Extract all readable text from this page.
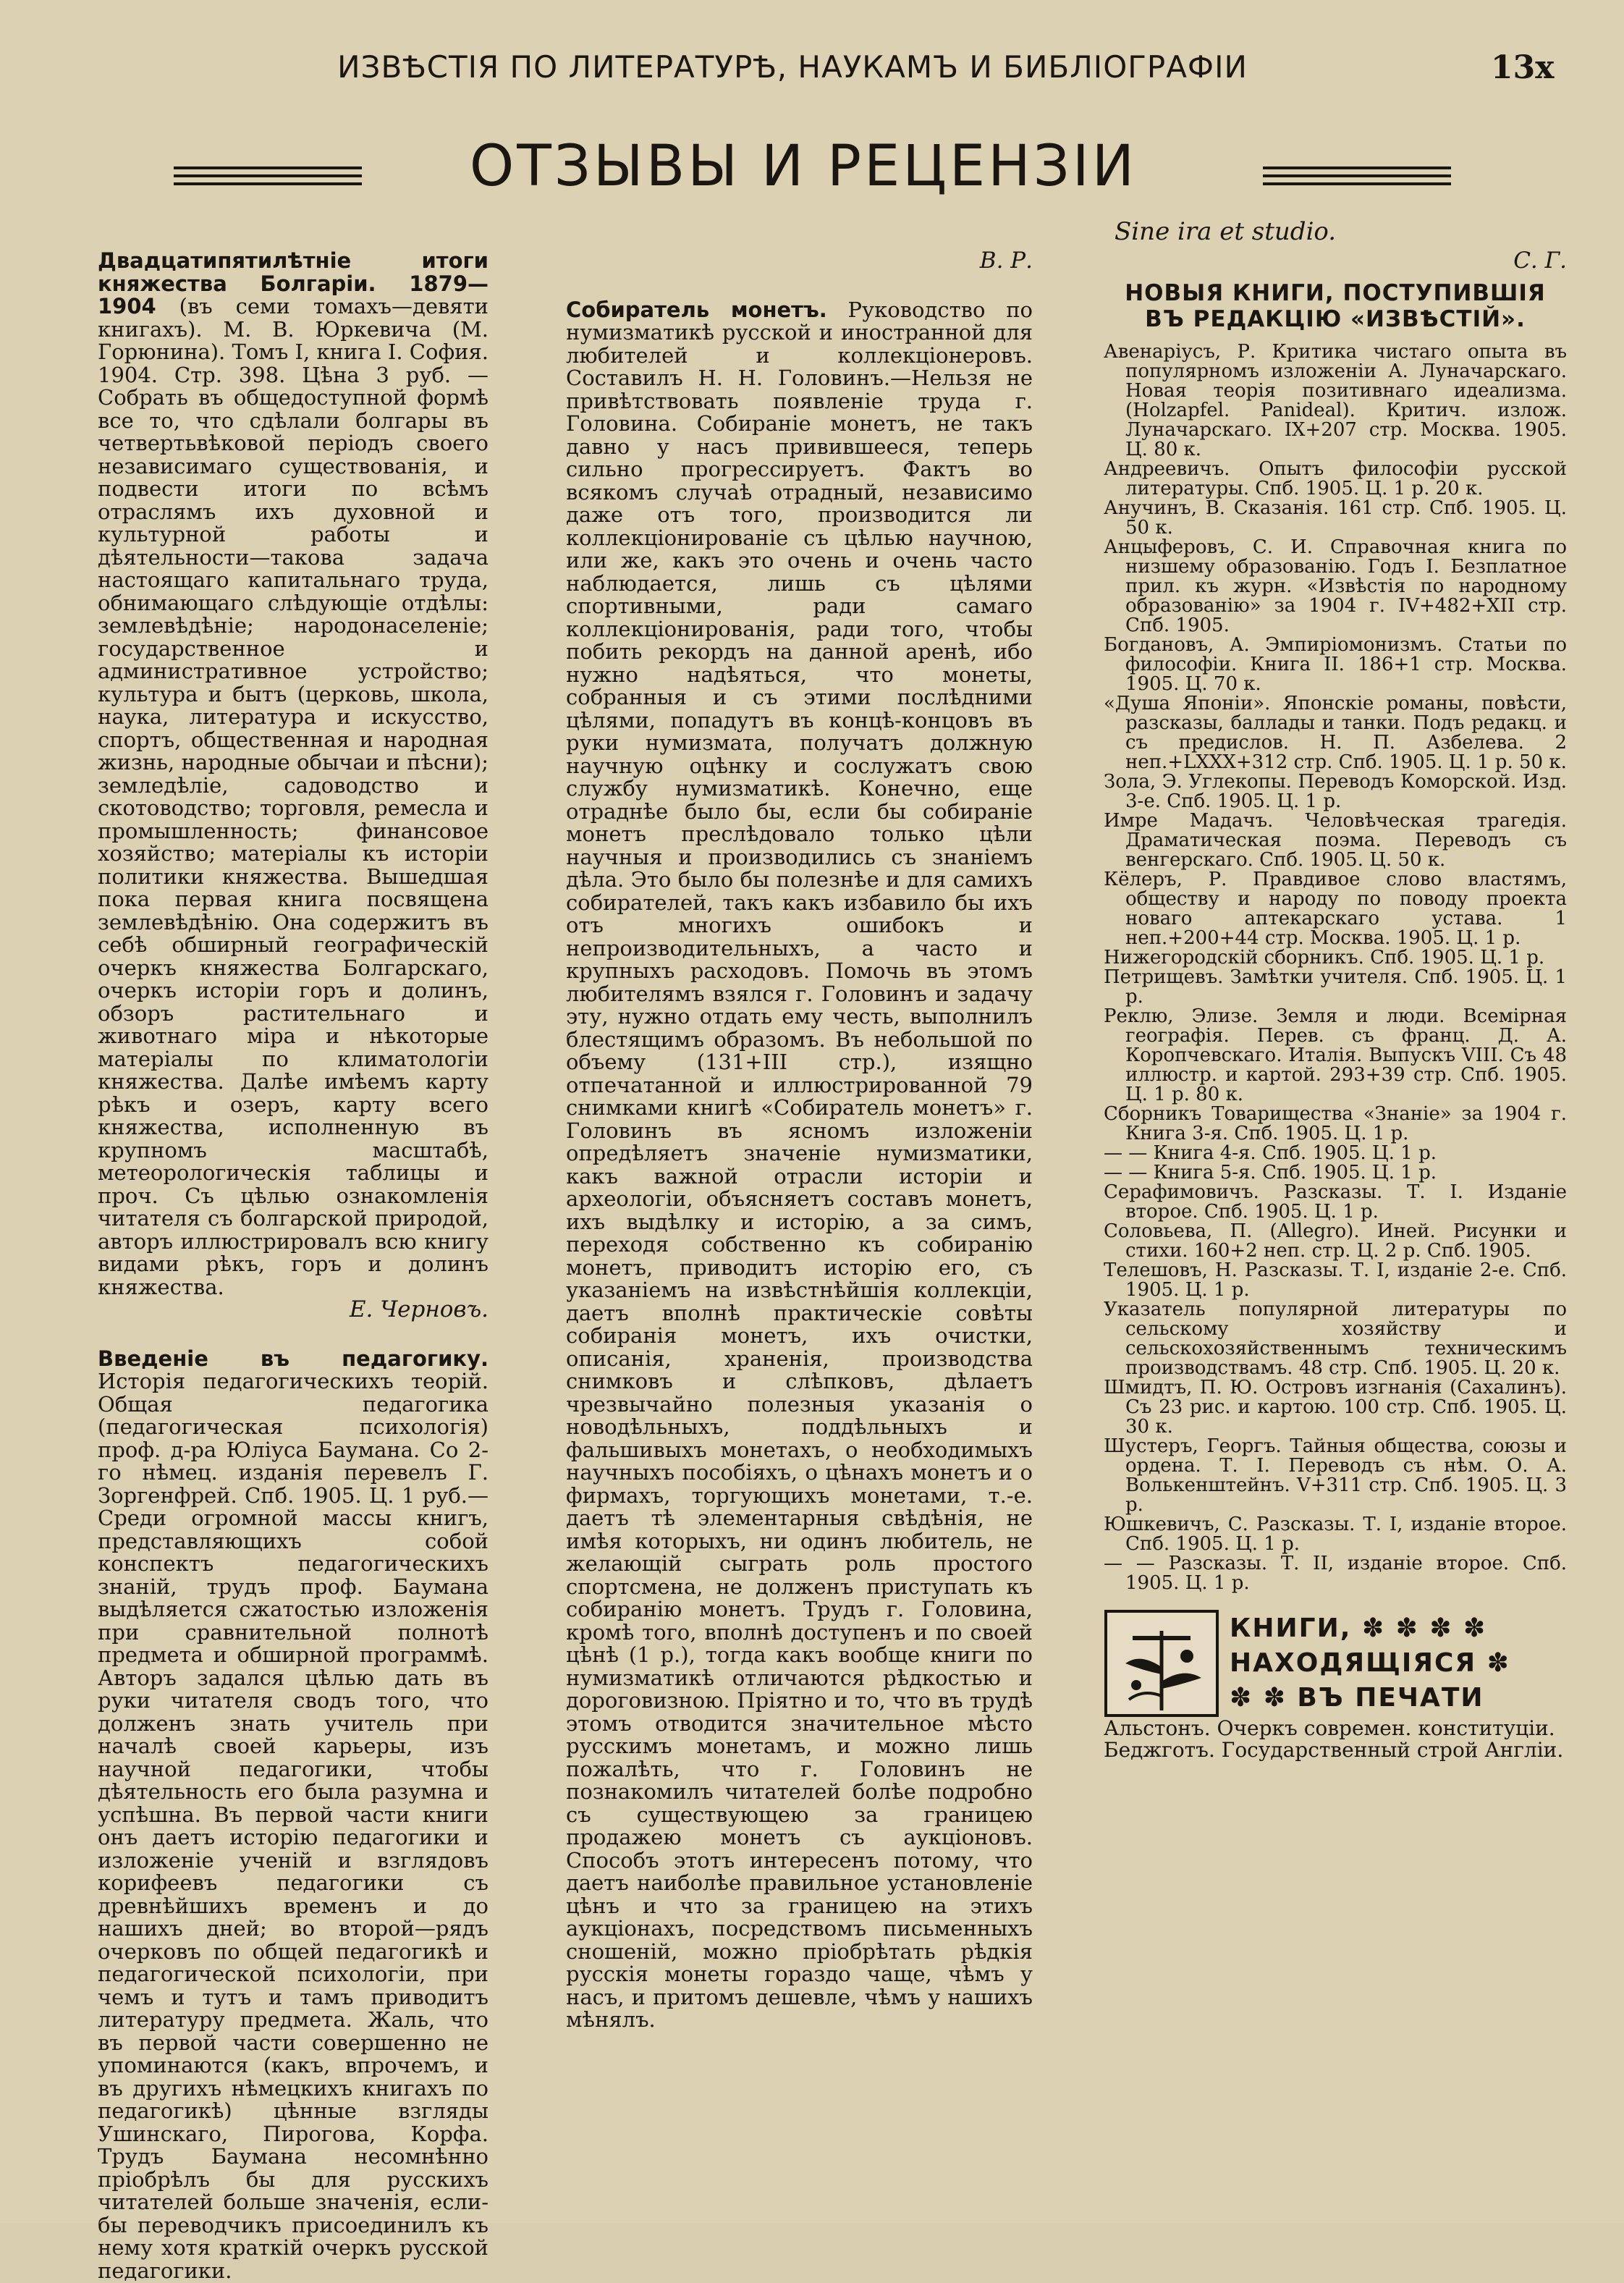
ИЗВѢСТІЯ ПО ЛИТЕРАТУРѢ, НАУКАМЪ И БИБЛІОГРАФІИ	13х
ОТЗЫВЫ И РЕЦЕНЗІИ
Sine ira et studio.

Двадцатипятилѣтніе итоги княжества Болгаріи. 1879—1904 (въ семи томахъ—девяти книгахъ). М. В. Юркевича (М. Горюнина). Томъ I, книга I. София. 1904. Стр. 398. Цѣна 3 руб. — Собрать въ общедоступной формѣ все то, что сдѣлали болгары въ четвертьвѣковой періодъ своего независимаго существованія, и подвести итоги по всѣмъ отраслямъ ихъ духовной и культурной работы и дѣятельности—такова задача настоящаго капитальнаго труда, обнимающаго слѣдующіе отдѣлы: землевѣдѣніе; народонаселеніе; государственное и административное устройство; культура и бытъ (церковь, школа, наука, литература и искусство, спортъ, общественная и народная жизнь, народные обычаи и пѣсни); земледѣліе, садоводство и скотоводство; торговля, ремесла и промышленность; финансовое хозяйство; матеріалы къ исторіи политики княжества. Вышедшая пока первая книга посвящена землевѣдѣнію. Она содержитъ въ себѣ обширный географическій очеркъ княжества Болгарскаго, очеркъ исторіи горъ и долинъ, обзоръ растительнаго и животнаго міра и нѣкоторые матеріалы по климатологіи княжества. Далѣе имѣемъ карту рѣкъ и озеръ, карту всего княжества, исполненную въ крупномъ масштабѣ, метеорологическія таблицы и проч. Съ цѣлью ознакомленія читателя съ болгарской природой, авторъ иллюстрировалъ всю книгу видами рѣкъ, горъ и долинъ княжества.

Е. Черновъ.

Введеніе въ педагогику. Исторія педагогическихъ теорій. Общая педагогика (педагогическая психологія) проф. д-ра Юліуса Баумана. Со 2-го нѣмец. изданія перевелъ Г. Зоргенфрей. Спб. 1905. Ц. 1 руб.— Среди огромной массы книгъ, представляющихъ собой конспектъ педагогическихъ знаній, трудъ проф. Баумана выдѣляется сжатостью изложенія при сравнительной полнотѣ предмета и обширной программѣ. Авторъ задался цѣлью дать въ руки читателя сводъ того, что долженъ знать учитель при началѣ своей карьеры, изъ научной педагогики, чтобы дѣятельность его была разумна и успѣшна. Въ первой части книги онъ даетъ исторію педагогики и изложеніе ученій и взглядовъ корифеевъ педагогики съ древнѣйшихъ временъ и до нашихъ дней; во второй—рядъ очерковъ по общей педагогикѣ и педагогической психологіи, при чемъ и тутъ и тамъ приводитъ литературу предмета. Жаль, что въ первой части совершенно не упоминаются (какъ, впрочемъ, и въ другихъ нѣмецкихъ книгахъ по педагогикѣ) цѣнные взгляды Ушинскаго, Пирогова, Корфа. Трудъ Баумана несомнѣнно пріобрѣлъ бы для русскихъ читателей больше значенія, если-бы переводчикъ присоединилъ къ нему хотя краткій очеркъ русской педагогики.

В. Р.

Собиратель монетъ. Руководство по нумизматикѣ русской и иностранной для любителей и коллекціонеровъ. Составилъ Н. Н. Головинъ.—Нельзя не привѣтствовать появленіе труда г. Головина. Собираніе монетъ, не такъ давно у насъ привившееся, теперь сильно прогрессируетъ. Фактъ во всякомъ случаѣ отрадный, независимо даже отъ того, производится ли коллекціонированіе съ цѣлью научною, или же, какъ это очень и очень часто наблюдается, лишь съ цѣлями спортивными, ради самаго коллекціонированія, ради того, чтобы побить рекордъ на данной аренѣ, ибо нужно надѣяться, что монеты, собранныя и съ этими послѣдними цѣлями, попадутъ въ концѣ-концовъ въ руки нумизмата, получатъ должную научную оцѣнку и сослужатъ свою службу нумизматикѣ. Конечно, еще отраднѣе было бы, если бы собираніе монетъ преслѣдовало только цѣли научныя и производились съ знаніемъ дѣла. Это было бы полезнѣе и для самихъ собирателей, такъ какъ избавило бы ихъ отъ многихъ ошибокъ и непроизводительныхъ, а часто и крупныхъ расходовъ. Помочь въ этомъ любителямъ взялся г. Головинъ и задачу эту, нужно отдать ему честь, выполнилъ блестящимъ образомъ. Въ небольшой по объему (131+III стр.), изящно отпечатанной и иллюстрированной 79 снимками книгѣ «Собиратель монетъ» г. Головинъ въ ясномъ изложеніи опредѣляетъ значеніе нумизматики, какъ важной отрасли исторіи и археологіи, объясняетъ составъ монетъ, ихъ выдѣлку и исторію, а за симъ, переходя собственно къ собиранію монетъ, приводитъ исторію его, съ указаніемъ на извѣстнѣйшія коллекціи, даетъ вполнѣ практическіе совѣты собиранія монетъ, ихъ очистки, описанія, храненія, производства снимковъ и слѣпковъ, дѣлаетъ чрезвычайно полезныя указанія о новодѣльныхъ, поддѣльныхъ и фальшивыхъ монетахъ, о необходимыхъ научныхъ пособіяхъ, о цѣнахъ монетъ и о фирмахъ, торгующихъ монетами, т.-е. даетъ тѣ элементарныя свѣдѣнія, не имѣя которыхъ, ни одинъ любитель, не желающій сыграть роль простого спортсмена, не долженъ приступать къ собиранію монетъ. Трудъ г. Головина, кромѣ того, вполнѣ доступенъ и по своей цѣнѣ (1 р.), тогда какъ вообще книги по нумизматикѣ отличаются рѣдкостью и дороговизною. Пріятно и то, что въ трудѣ этомъ отводится значительное мѣсто русскимъ монетамъ, и можно лишь пожалѣть, что г. Головинъ не познакомилъ читателей болѣе подробно съ существующею за границею продажею монетъ съ аукціоновъ. Способъ этотъ интересенъ потому, что даетъ наиболѣе правильное установленіе цѣнъ и что за границею на этихъ аукціонахъ, посредствомъ письменныхъ сношеній, можно пріобрѣтать рѣдкія русскія монеты гораздо чаще, чѣмъ у насъ, и притомъ дешевле, чѣмъ у нашихъ мѣнялъ.

С. Г.

НОВЫЯ КНИГИ, ПОСТУПИВШІЯ ВЪ РЕДАКЦІЮ «ИЗВѢСТІЙ».

Авенаріусъ, Р. Критика чистаго опыта въ популярномъ изложеніи А. Луначарскаго. Новая теорія позитивнаго идеализма. (Holzapfel. Panideal). Критич. излож. Луначарскаго. IX+207 стр. Москва. 1905. Ц. 80 к.

Андреевичъ. Опытъ философіи русской литературы. Спб. 1905. Ц. 1 р. 20 к.

Анучинъ, В. Сказанія. 161 стр. Спб. 1905. Ц. 50 к.

Анцыферовъ, С. И. Справочная книга по низшему образованію. Годъ I. Безплатное прил. къ журн. «Извѣстія по народному образованію» за 1904 г. IV+482+XII стр. Спб. 1905.

Богдановъ, А. Эмпиріомонизмъ. Статьи по философіи. Книга II. 186+1 стр. Москва. 1905. Ц. 70 к.

«Душа Японіи». Японскіе романы, повѣсти, разсказы, баллады и танки. Подъ редакц. и съ предислов. Н. П. Азбелева. 2 неп.+LXXX+312 стр. Спб. 1905. Ц. 1 р. 50 к.

Зола, Э. Углекопы. Переводъ Коморской. Изд. 3-е. Спб. 1905. Ц. 1 р.

Имре Мадачъ. Человѣческая трагедія. Драматическая поэма. Переводъ съ венгерскаго. Спб. 1905. Ц. 50 к.

Кёлеръ, Р. Правдивое слово властямъ, обществу и народу по поводу проекта новаго аптекарскаго устава. 1 неп.+200+44 стр. Москва. 1905. Ц. 1 р.

Нижегородскій сборникъ. Спб. 1905. Ц. 1 р.

Петрищевъ. Замѣтки учителя. Спб. 1905. Ц. 1 р.

Реклю, Элизе. Земля и люди. Всемірная географія. Перев. съ франц. Д. А. Коропчевскаго. Италія. Выпускъ VIII. Съ 48 иллюстр. и картой. 293+39 стр. Спб. 1905. Ц. 1 р. 80 к.

Сборникъ Товарищества «Знаніе» за 1904 г. Книга 3-я. Спб. 1905. Ц. 1 р.

— — Книга 4-я. Спб. 1905. Ц. 1 р.

— — Книга 5-я. Спб. 1905. Ц. 1 р.

Серафимовичъ. Разсказы. Т. I. Изданіе второе. Спб. 1905. Ц. 1 р.

Соловьева, П. (Allegro). Иней. Рисунки и стихи. 160+2 неп. стр. Ц. 2 р. Спб. 1905.

Телешовъ, Н. Разсказы. Т. I, изданіе 2-е. Спб. 1905. Ц. 1 р.

Указатель популярной литературы по сельскому хозяйству и сельскохозяйственнымъ техническимъ производствамъ. 48 стр. Спб. 1905. Ц. 20 к.

Шмидтъ, П. Ю. Островъ изгнанія (Сахалинъ). Съ 23 рис. и картою. 100 стр. Спб. 1905. Ц. 30 к.

Шустеръ, Георгъ. Тайныя общества, союзы и ордена. Т. I. Переводъ съ нѣм. О. А. Волькенштейнъ. V+311 стр. Спб. 1905. Ц. 3 р.

Юшкевичъ, С. Разсказы. Т. I, изданіе второе. Спб. 1905. Ц. 1 р.

— — Разсказы. Т. II, изданіе второе. Спб. 1905. Ц. 1 р.

КНИГИ, ✽ ✽ ✽ ✽
НАХОДЯЩІЯСЯ ✽
✽ ✽ ВЪ ПЕЧАТИ

Альстонъ. Очеркъ современ. конституціи.

Беджготъ. Государственный строй Англіи.
